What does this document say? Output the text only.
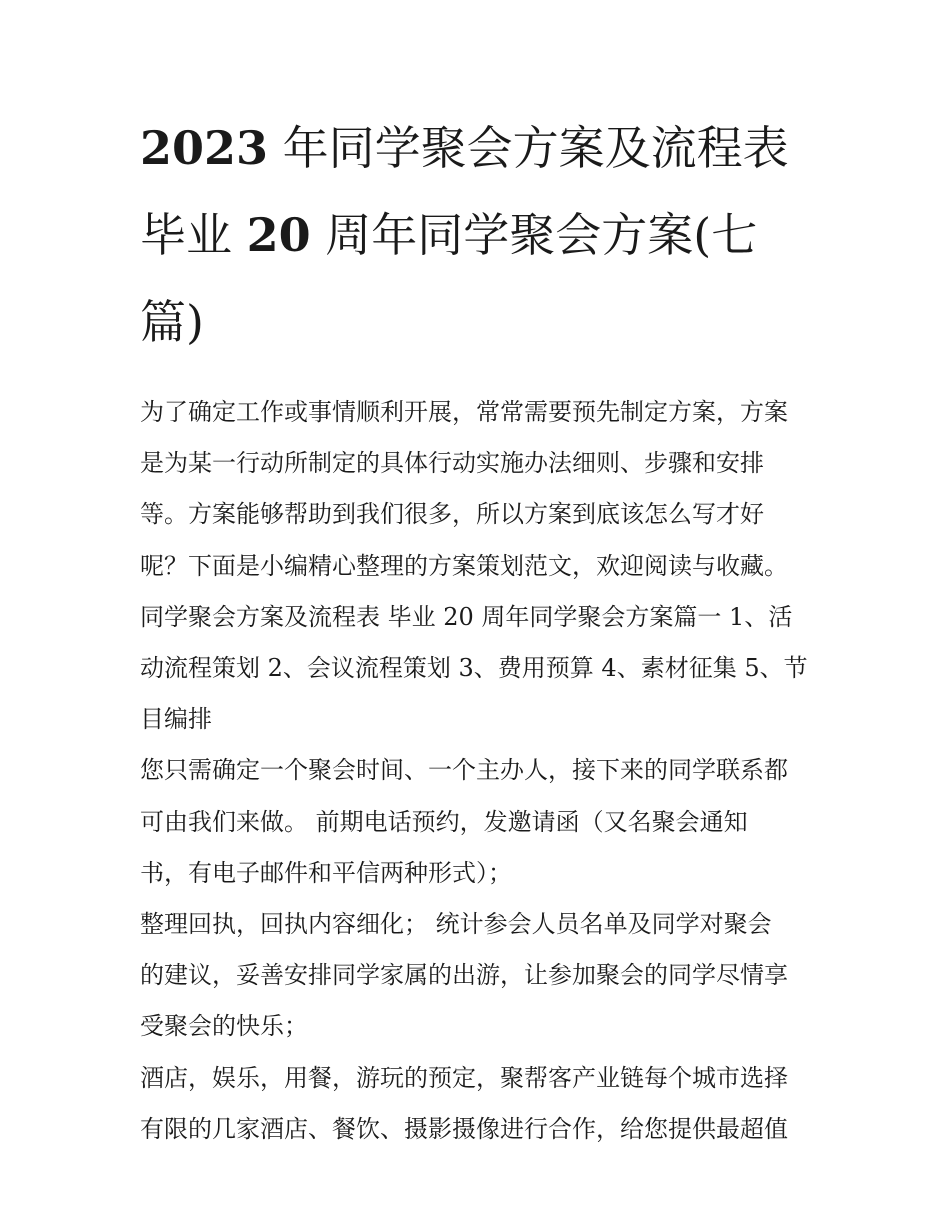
2023 年同学聚会方案及流程表
毕业 20 周年同学聚会方案(七
篇)
为了确定工作或事情顺利开展，常常需要预先制定方案，方案
是为某一行动所制定的具体行动实施办法细则、步骤和安排
等。方案能够帮助到我们很多，所以方案到底该怎么写才好
呢？下面是小编精心整理的方案策划范文，欢迎阅读与收藏。
同学聚会方案及流程表 毕业 20 周年同学聚会方案篇一 1、活
动流程策划 2、会议流程策划 3、费用预算 4、素材征集 5、节
目编排
您只需确定一个聚会时间、一个主办人，接下来的同学联系都
可由我们来做。 前期电话预约，发邀请函（又名聚会通知
书，有电子邮件和平信两种形式）；
整理回执，回执内容细化； 统计参会人员名单及同学对聚会
的建议，妥善安排同学家属的出游，让参加聚会的同学尽情享
受聚会的快乐；
酒店，娱乐，用餐，游玩的预定，聚帮客产业链每个城市选择
有限的几家酒店、餐饮、摄影摄像进行合作，给您提供最超值
